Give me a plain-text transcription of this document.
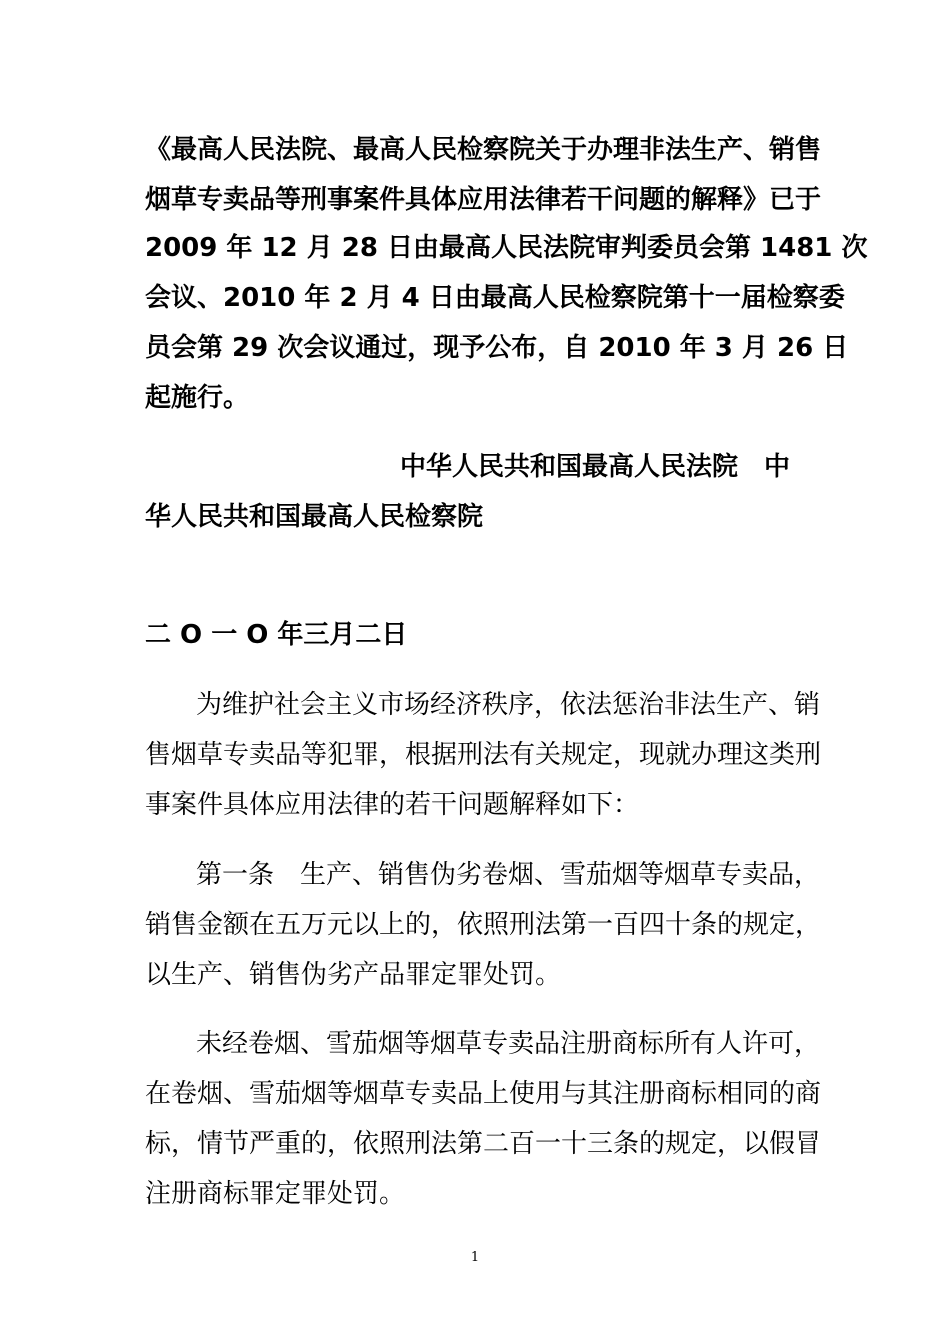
《最高人民法院、最高人民检察院关于办理非法生产、销售
烟草专卖品等刑事案件具体应用法律若干问题的解释》已于
2009 年 12 月 28 日由最高人民法院审判委员会第 1481 次
会议、2010 年 2 月 4 日由最高人民检察院第十一届检察委
员会第 29 次会议通过，现予公布，自 2010 年 3 月 26 日
起施行。
中华人民共和国最高人民法院　中
华人民共和国最高人民检察院
二 O 一 O 年三月二日
为维护社会主义市场经济秩序，依法惩治非法生产、销
售烟草专卖品等犯罪，根据刑法有关规定，现就办理这类刑
事案件具体应用法律的若干问题解释如下：
第一条　生产、销售伪劣卷烟、雪茄烟等烟草专卖品，
销售金额在五万元以上的，依照刑法第一百四十条的规定，
以生产、销售伪劣产品罪定罪处罚。
未经卷烟、雪茄烟等烟草专卖品注册商标所有人许可，
在卷烟、雪茄烟等烟草专卖品上使用与其注册商标相同的商
标，情节严重的，依照刑法第二百一十三条的规定，以假冒
注册商标罪定罪处罚。
1
